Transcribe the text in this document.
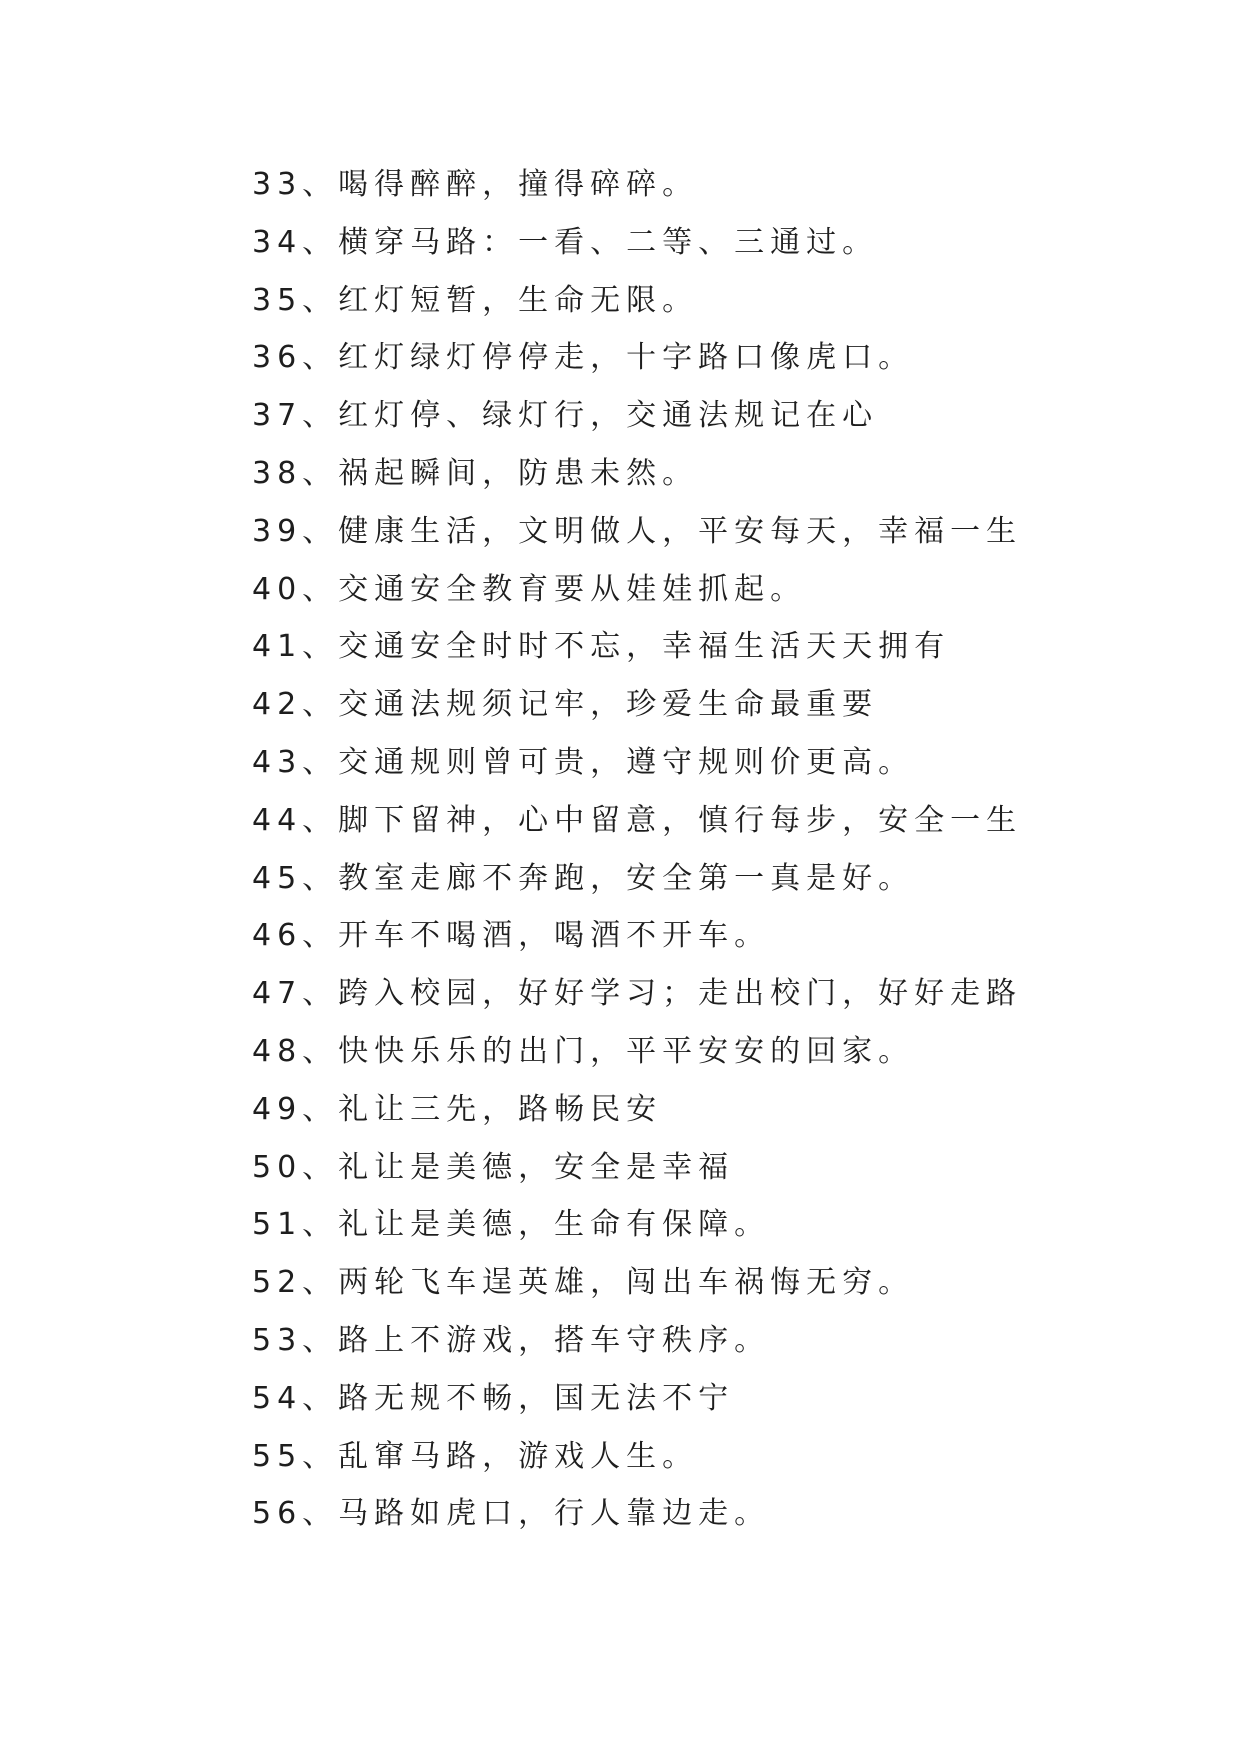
33、喝得醉醉，撞得碎碎。
34、横穿马路：一看、二等、三通过。
35、红灯短暂，生命无限。
36、红灯绿灯停停走，十字路口像虎口。
37、红灯停、绿灯行，交通法规记在心
38、祸起瞬间，防患未然。
39、健康生活，文明做人，平安每天，幸福一生
40、交通安全教育要从娃娃抓起。
41、交通安全时时不忘，幸福生活天天拥有
42、交通法规须记牢，珍爱生命最重要
43、交通规则曾可贵，遵守规则价更高。
44、脚下留神，心中留意，慎行每步，安全一生
45、教室走廊不奔跑，安全第一真是好。
46、开车不喝酒，喝酒不开车。
47、跨入校园，好好学习；走出校门，好好走路
48、快快乐乐的出门，平平安安的回家。
49、礼让三先，路畅民安
50、礼让是美德，安全是幸福
51、礼让是美德，生命有保障。
52、两轮飞车逞英雄，闯出车祸悔无穷。
53、路上不游戏，搭车守秩序。
54、路无规不畅，国无法不宁
55、乱窜马路，游戏人生。
56、马路如虎口，行人靠边走。
